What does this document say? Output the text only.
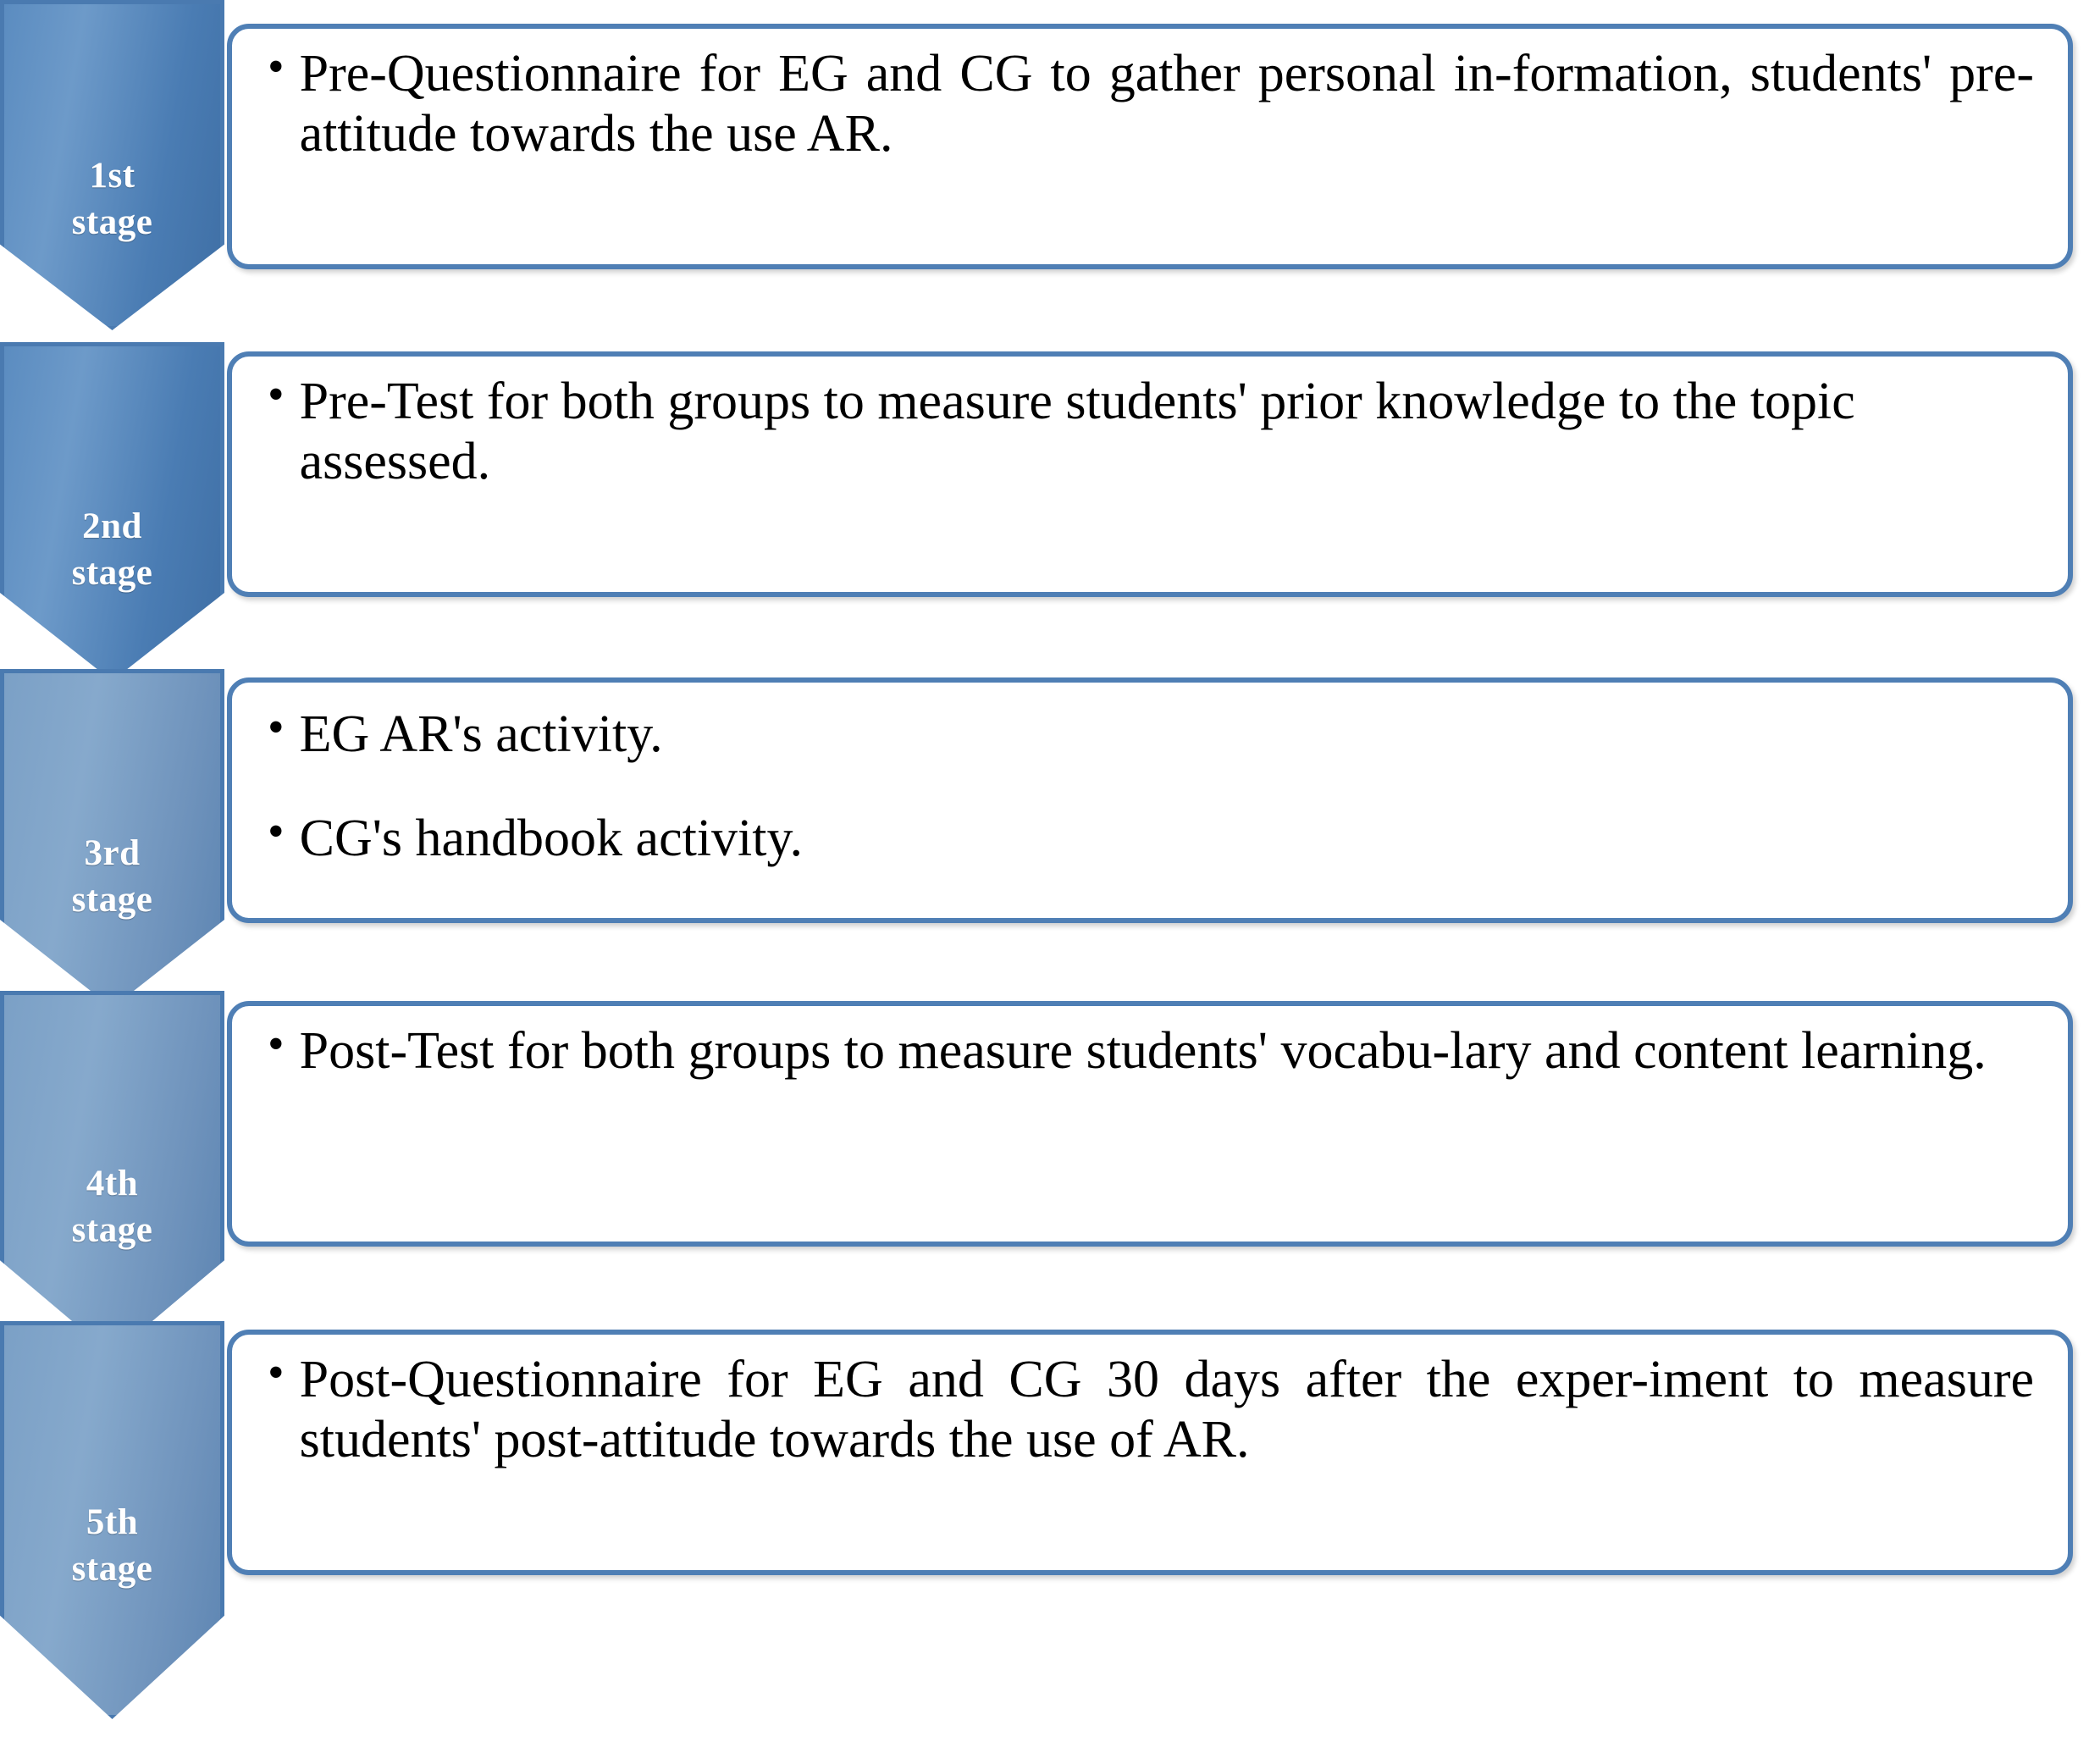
1st
stage
2nd
stage
3rd
stage
4th
stage
5th
stage
• Pre-Questionnaire for EG and CG to gather personal in-formation, students' pre-attitude towards the use AR.
• Pre-Test for both groups to measure students' prior knowledge to the topic assessed.
• EG AR's activity.
• CG's handbook activity.
• Post-Test for both groups to measure students' vocabu-lary and content learning.
• Post-Questionnaire for EG and CG 30 days after the exper-iment to measure students' post-attitude towards the use of AR.
